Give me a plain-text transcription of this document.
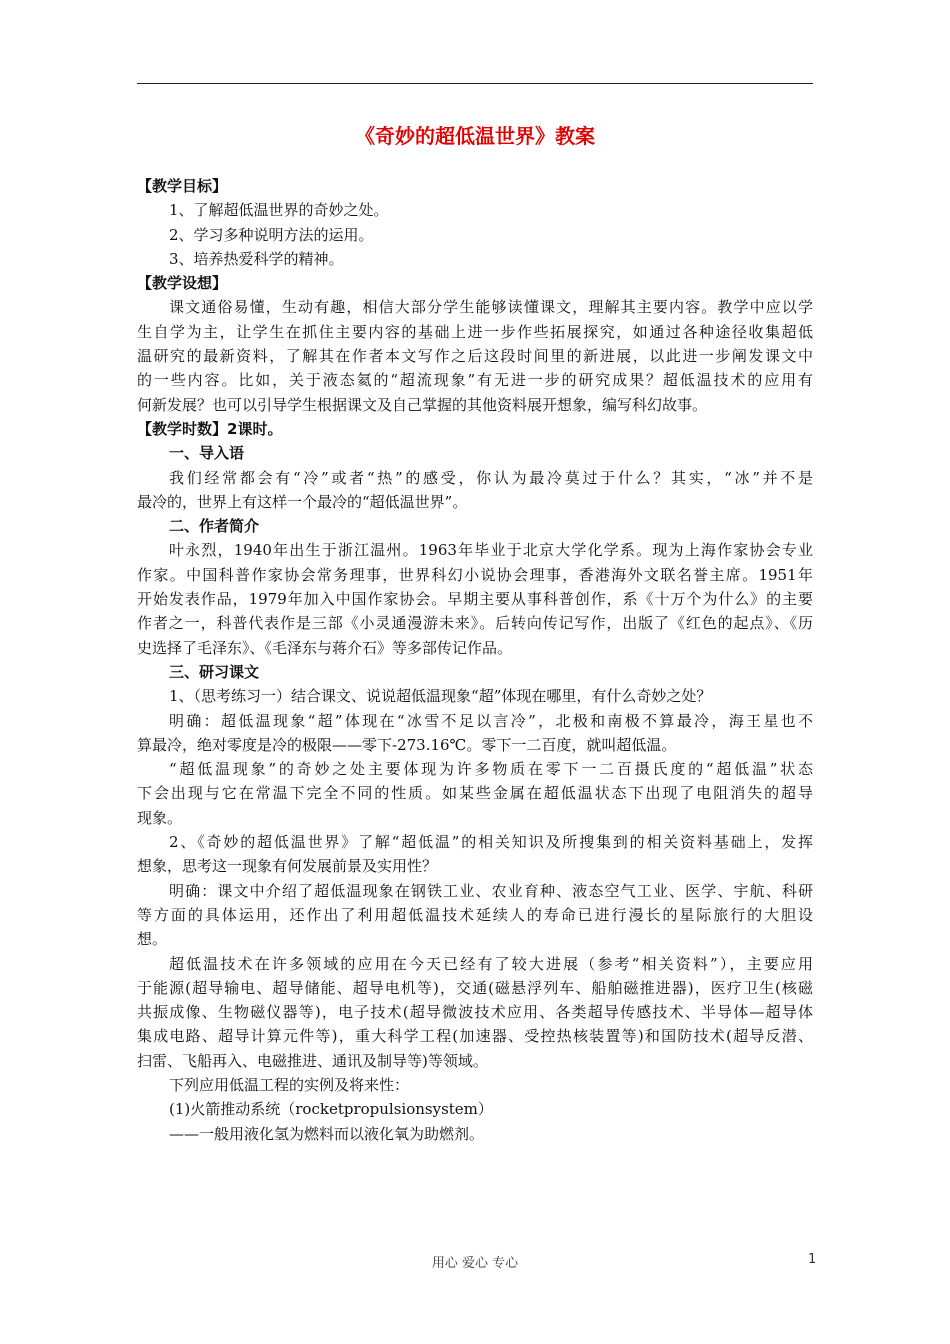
《奇妙的超低温世界》教案
【教学目标】
1、了解超低温世界的奇妙之处。
2、学习多种说明方法的运用。
3、培养热爱科学的精神。
【教学设想】
课文通俗易懂，生动有趣，相信大部分学生能够读懂课文，理解其主要内容。教学中应以学
生自学为主，让学生在抓住主要内容的基础上进一步作些拓展探究，如通过各种途径收集超低
温研究的最新资料，了解其在作者本文写作之后这段时间里的新进展，以此进一步阐发课文中
的一些内容。比如，关于液态氦的“超流现象”有无进一步的研究成果？超低温技术的应用有
何新发展？也可以引导学生根据课文及自己掌握的其他资料展开想象，编写科幻故事。
【教学时数】2课时。
一、导入语
我们经常都会有“冷”或者“热”的感受，你认为最冷莫过于什么？其实，“冰”并不是
最冷的，世界上有这样一个最冷的“超低温世界”。
二、作者简介
叶永烈，1940年出生于浙江温州。1963年毕业于北京大学化学系。现为上海作家协会专业
作家。中国科普作家协会常务理事，世界科幻小说协会理事，香港海外文联名誉主席。1951年
开始发表作品，1979年加入中国作家协会。早期主要从事科普创作，系《十万个为什么》的主要
作者之一，科普代表作是三部《小灵通漫游未来》。后转向传记写作，出版了《红色的起点》、《历
史选择了毛泽东》、《毛泽东与蒋介石》等多部传记作品。
三、研习课文
1、（思考练习一）结合课文、说说超低温现象“超”体现在哪里，有什么奇妙之处？
明确：超低温现象“超”体现在“冰雪不足以言冷”，北极和南极不算最冷，海王星也不
算最冷，绝对零度是冷的极限——零下-273.16℃。零下一二百度，就叫超低温。
“超低温现象”的奇妙之处主要体现为许多物质在零下一二百摄氏度的“超低温”状态
下会出现与它在常温下完全不同的性质。如某些金属在超低温状态下出现了电阻消失的超导
现象。
2、《奇妙的超低温世界》了解“超低温”的相关知识及所搜集到的相关资料基础上，发挥
想象，思考这一现象有何发展前景及实用性？
明确：课文中介绍了超低温现象在钢铁工业、农业育种、液态空气工业、医学、宇航、科研
等方面的具体运用，还作出了利用超低温技术延续人的寿命已进行漫长的星际旅行的大胆设
想。
超低温技术在许多领域的应用在今天已经有了较大进展（参考“相关资料”），主要应用
于能源(超导输电、超导储能、超导电机等)，交通(磁悬浮列车、船舶磁推进器)，医疗卫生(核磁
共振成像、生物磁仪器等)，电子技术(超导微波技术应用、各类超导传感技术、半导体—超导体
集成电路、超导计算元件等)，重大科学工程(加速器、受控热核装置等)和国防技术(超导反潜、
扫雷、飞船再入、电磁推进、通讯及制导等)等领域。
下列应用低温工程的实例及将来性：
(1)火箭推动系统（rocketpropulsionsystem）
——一般用液化氢为燃料而以液化氧为助燃剂。
用心 爱心 专心	1
